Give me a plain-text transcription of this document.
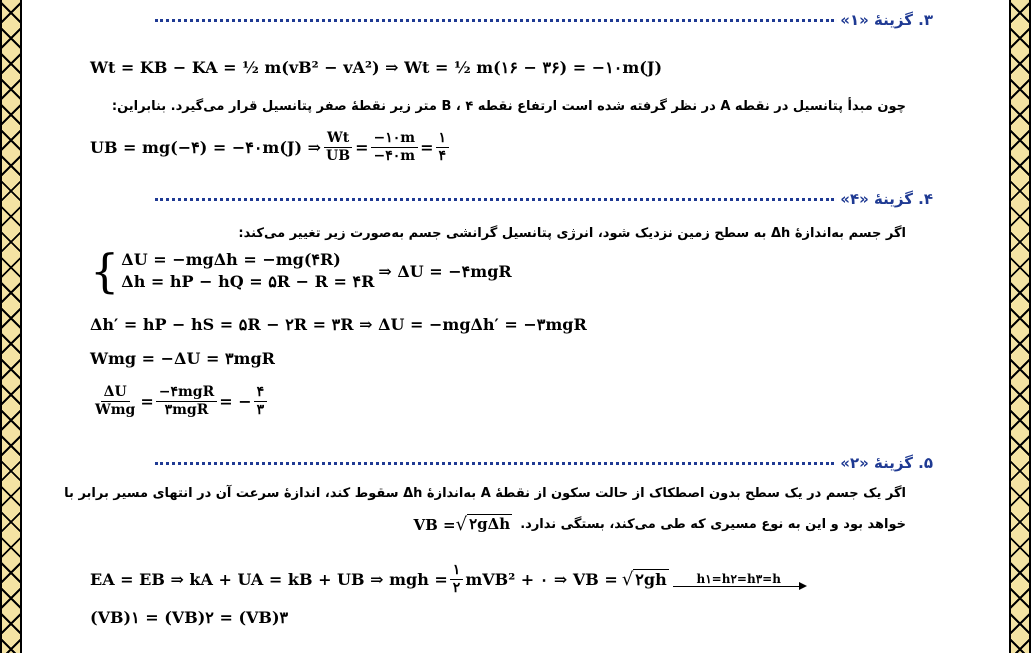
۳. گزینهٔ «۱»
Wt = KB − KA = ½ m(vB² − vA²) ⇒ Wt = ½ m(۱۶ − ۳۶) = −۱۰m(J)
چون مبدأ پتانسیل در نقطه A در نظر گرفته شده است ارتفاع نقطه B ، ۴ متر زیر نقطهٔ صفر پتانسیل قرار می‌گیرد. بنابراین:
UB = mg(−۴) = −۴۰m(J) ⇒ $\frac{Wt}{UB} = \frac{-۱۰m}{-۴۰m} = \frac{۱}{۴}$
۴. گزینهٔ «۴»
اگر جسم به‌اندازهٔ Δh به سطح زمین نزدیک شود، انرژی پتانسیل گرانشی جسم به‌صورت زیر تغییر می‌کند:
{ ΔU = −mgΔh = −mg(۴R)
Δh = hP − hQ = ۵R − R = ۴R
⇒ ΔU = −۴mgR
Δh′ = hP − hS = ۵R − ۲R = ۳R ⇒ ΔU = −mgΔh′ = −۳mgR
Wmg = −ΔU = ۳mgR
$\frac{\Delta U}{\text{Wmg}} = \frac{\text{−۴mgR}}{\text{۳mgR}}$ = − $\frac{۴}{۳}$
۵. گزینهٔ «۲»
اگر یک جسم در یک سطح بدون اصطکاک از حالت سکون از نقطهٔ A به‌اندازهٔ Δh سقوط کند، اندازهٔ سرعت آن در انتهای مسیر برابر با
خواهد بود و این به نوع مسیری که طی می‌کند، بستگی ندارد.
VB = √ ۲gΔh
EA = EB ⇒ kA + UA = kB + UB ⇒ mgh = $\frac{۱}{۲} mVB^2$ + ۰ ⇒ VB = √ ۲gh h۱=h۲=h۳=h
(VB)۱ = (VB)۲ = (VB)۳
